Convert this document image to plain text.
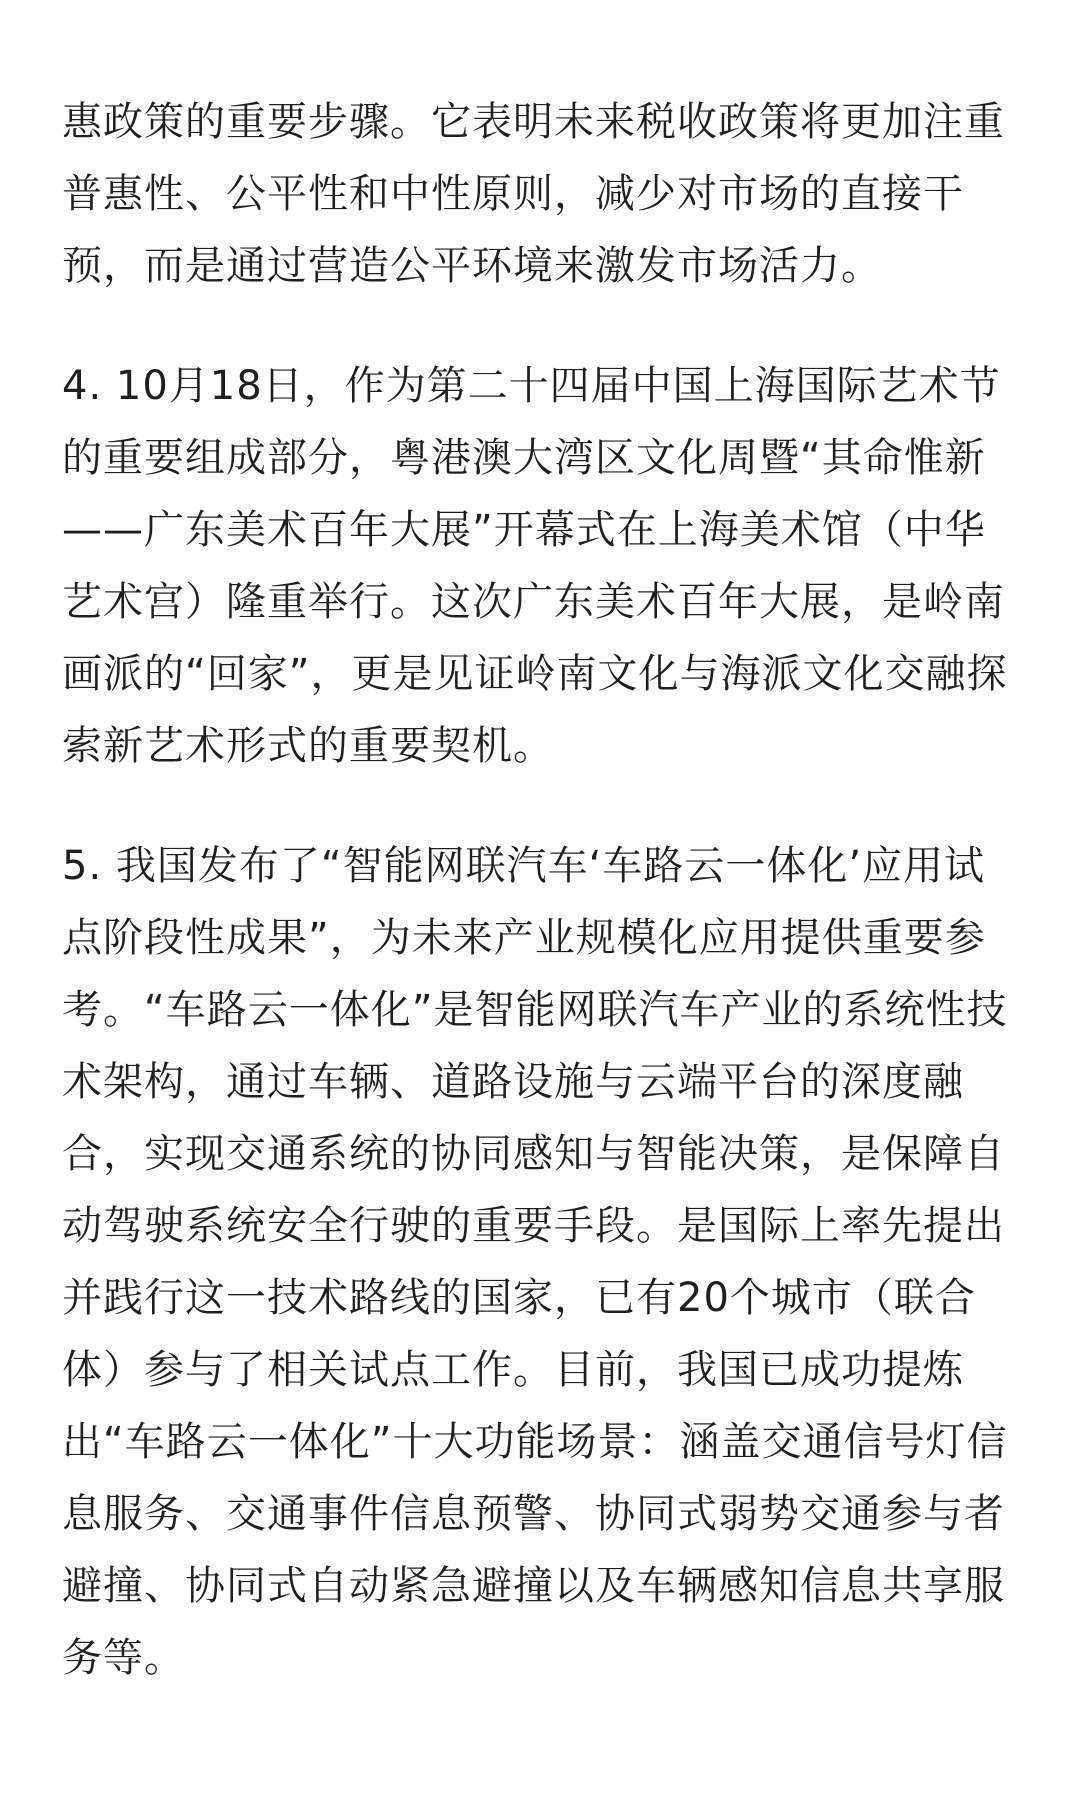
惠政策的重要步骤。它表明未来税收政策将更加注重
普惠性、公平性和中性原则，减少对市场的直接干
预，而是通过营造公平环境来激发市场活力。

4. 10月18日，作为第二十四届中国上海国际艺术节
的重要组成部分，粤港澳大湾区文化周暨“其命惟新
——广东美术百年大展”开幕式在上海美术馆（中华
艺术宫）隆重举行。这次广东美术百年大展，是岭南
画派的“回家”，更是见证岭南文化与海派文化交融探
索新艺术形式的重要契机。

5. 我国发布了“智能网联汽车‘车路云一体化’应用试
点阶段性成果”，为未来产业规模化应用提供重要参
考。“车路云一体化”是智能网联汽车产业的系统性技
术架构，通过车辆、道路设施与云端平台的深度融
合，实现交通系统的协同感知与智能决策，是保障自
动驾驶系统安全行驶的重要手段。是国际上率先提出
并践行这一技术路线的国家，已有20个城市（联合
体）参与了相关试点工作。目前，我国已成功提炼
出“车路云一体化”十大功能场景：涵盖交通信号灯信
息服务、交通事件信息预警、协同式弱势交通参与者
避撞、协同式自动紧急避撞以及车辆感知信息共享服
务等。
